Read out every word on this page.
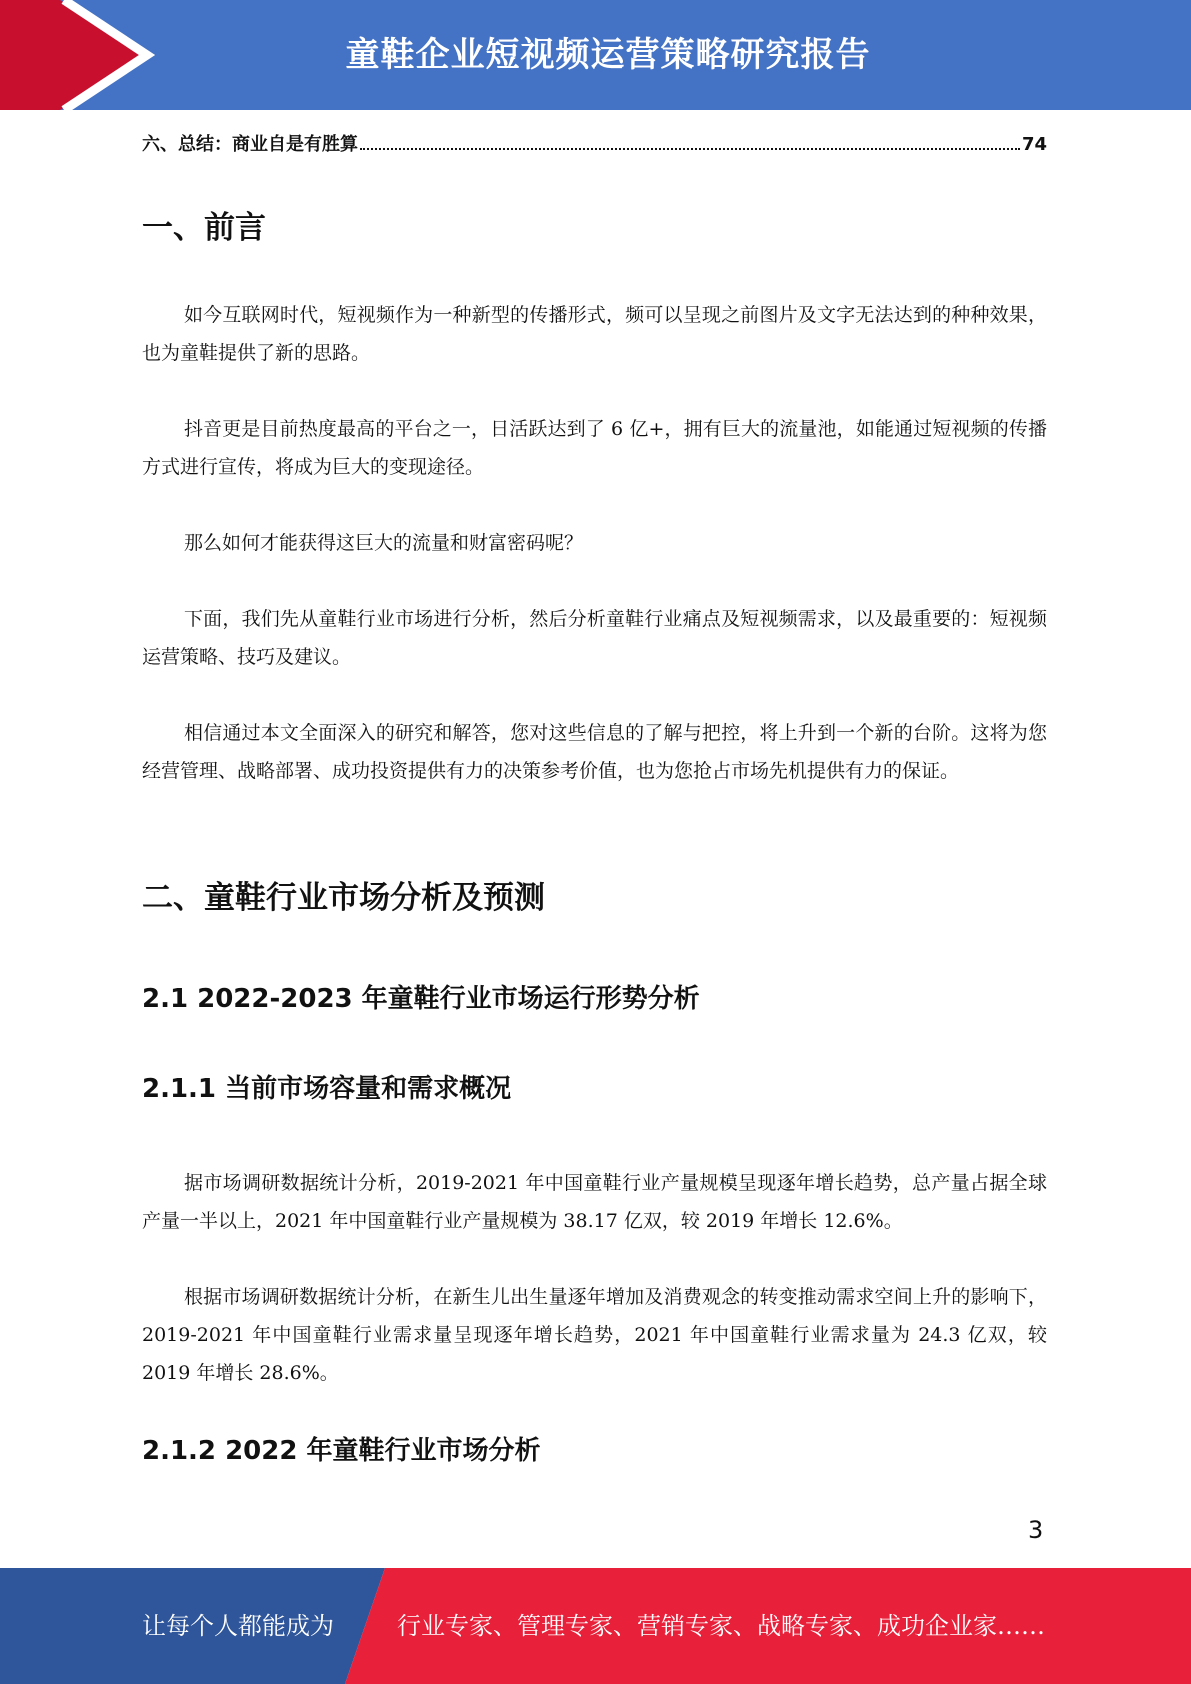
童鞋企业短视频运营策略研究报告
六、总结：商业自是有胜算	74
一、前言

如今互联网时代，短视频作为一种新型的传播形式，频可以呈现之前图片及文字无法达到的种种效果，也为童鞋提供了新的思路。

抖音更是目前热度最高的平台之一，日活跃达到了 6 亿+，拥有巨大的流量池，如能通过短视频的传播方式进行宣传，将成为巨大的变现途径。

那么如何才能获得这巨大的流量和财富密码呢？

下面，我们先从童鞋行业市场进行分析，然后分析童鞋行业痛点及短视频需求，以及最重要的：短视频运营策略、技巧及建议。

相信通过本文全面深入的研究和解答，您对这些信息的了解与把控，将上升到一个新的台阶。这将为您经营管理、战略部署、成功投资提供有力的决策参考价值，也为您抢占市场先机提供有力的保证。

二、童鞋行业市场分析及预测
2.1 2022-2023 年童鞋行业市场运行形势分析
2.1.1 当前市场容量和需求概况

据市场调研数据统计分析，2019-2021 年中国童鞋行业产量规模呈现逐年增长趋势，总产量占据全球产量一半以上，2021 年中国童鞋行业产量规模为 38.17 亿双，较 2019 年增长 12.6%。

根据市场调研数据统计分析，在新生儿出生量逐年增加及消费观念的转变推动需求空间上升的影响下，2019-2021 年中国童鞋行业需求量呈现逐年增长趋势，2021 年中国童鞋行业需求量为 24.3 亿双，较 2019 年增长 28.6%。

2.1.2 2022 年童鞋行业市场分析
3
让每个人都能成为	行业专家、管理专家、营销专家、战略专家、成功企业家……
